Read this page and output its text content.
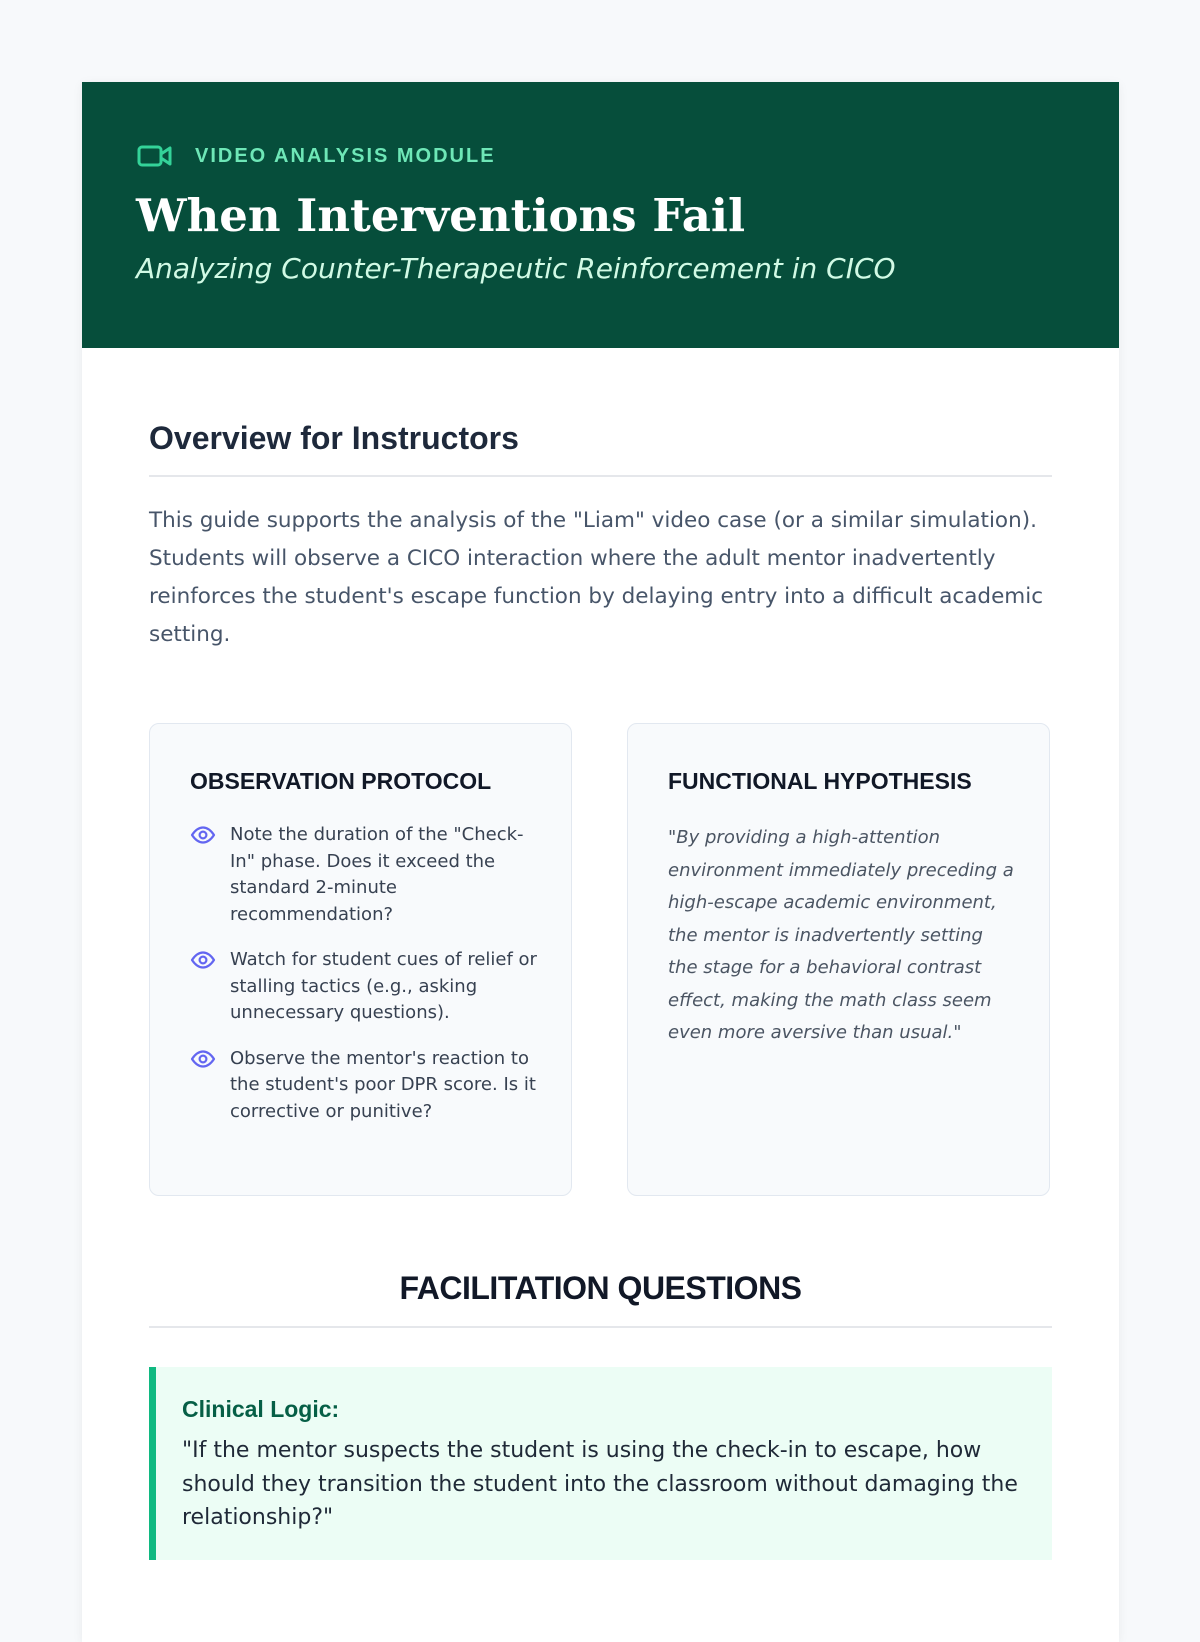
VIDEO ANALYSIS MODULE
When Interventions Fail

Analyzing Counter-Therapeutic Reinforcement in CICO

Overview for Instructors

This guide supports the analysis of the "Liam" video case (or a similar simulation). Students will observe a CICO interaction where the adult mentor inadvertently reinforces the student's escape function by delaying entry into a difficult academic setting.

OBSERVATION PROTOCOL
Note the duration of the "Check-In" phase. Does it exceed the standard 2-minute recommendation?
Watch for student cues of relief or stalling tactics (e.g., asking unnecessary questions).
Observe the mentor's reaction to the student's poor DPR score. Is it corrective or punitive?
FUNCTIONAL HYPOTHESIS

"By providing a high-attention environment immediately preceding a high-escape academic environment, the mentor is inadvertently setting the stage for a behavioral contrast effect, making the math class seem even more aversive than usual."

FACILITATION QUESTIONS
Clinical Logic:

"If the mentor suspects the student is using the check-in to escape, how should they transition the student into the classroom without damaging the relationship?"
